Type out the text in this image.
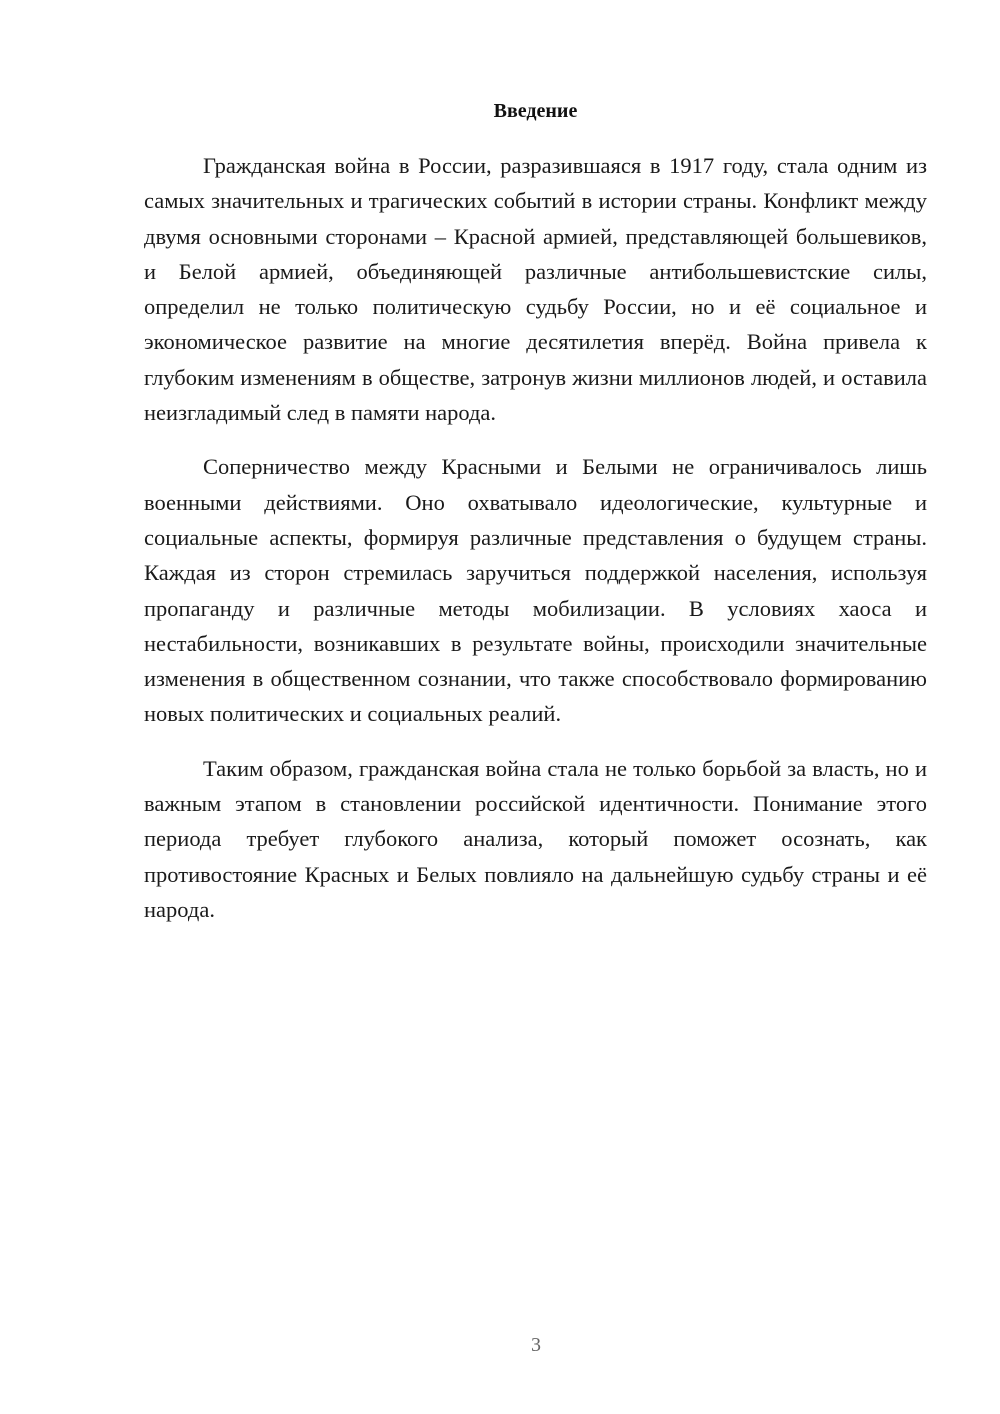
Введение

Гражданская война в России, разразившаяся в 1917 году, стала одним из самых значительных и трагических событий в истории страны. Конфликт между двумя основными сторонами – Красной армией, представляющей большевиков, и Белой армией, объединяющей различные антибольшевистские силы, определил не только политическую судьбу России, но и её социальное и экономическое развитие на многие десятилетия вперёд. Война привела к глубоким изменениям в обществе, затронув жизни миллионов людей, и оставила неизгладимый след в памяти народа.

Соперничество между Красными и Белыми не ограничивалось лишь военными действиями. Оно охватывало идеологические, культурные и социальные аспекты, формируя различные представления о будущем страны. Каждая из сторон стремилась заручиться поддержкой населения, используя пропаганду и различные методы мобилизации. В условиях хаоса и нестабильности, возникавших в результате войны, происходили значительные изменения в общественном сознании, что также способствовало формированию новых политических и социальных реалий.

Таким образом, гражданская война стала не только борьбой за власть, но и важным этапом в становлении российской идентичности. Понимание этого периода требует глубокого анализа, который поможет осознать, как противостояние Красных и Белых повлияло на дальнейшую судьбу страны и её народа.

3
